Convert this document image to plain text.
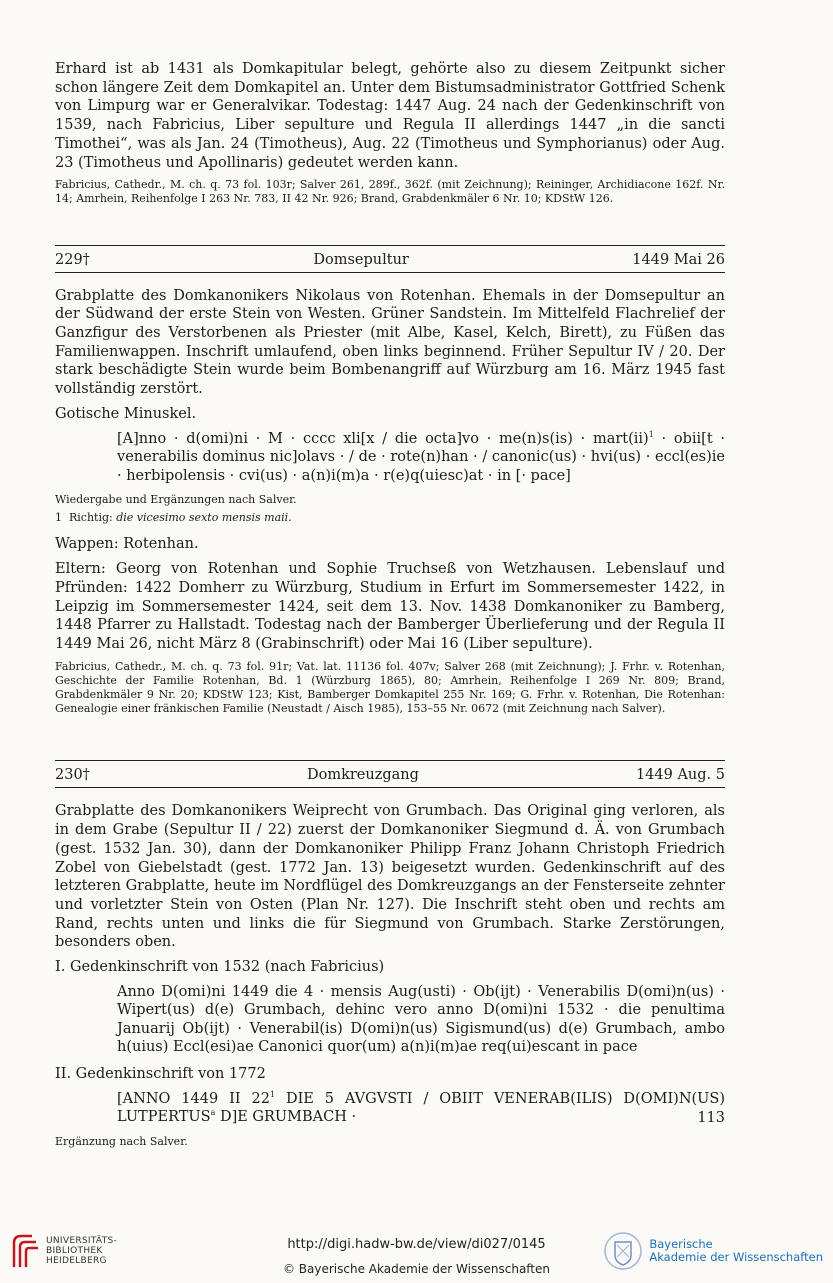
Erhard ist ab 1431 als Domkapitular belegt, gehörte also zu diesem Zeitpunkt sicher schon längere Zeit dem Domkapitel an. Unter dem Bistumsadministrator Gottfried Schenk von Limpurg war er Generalvikar. Todestag: 1447 Aug. 24 nach der Gedenkinschrift von 1539, nach Fabricius, Liber sepulture und Regula II allerdings 1447 „in die sancti Timothei“, was als Jan. 24 (Timotheus), Aug. 22 (Timotheus und Symphorianus) oder Aug. 23 (Timotheus und Apollinaris) gedeutet werden kann.

Fabricius, Cathedr., M. ch. q. 73 fol. 103r; Salver 261, 289f., 362f. (mit Zeichnung); Reininger, Archidiacone 162f. Nr. 14; Amrhein, Reihenfolge I 263 Nr. 783, II 42 Nr. 926; Brand, Grabdenkmäler 6 Nr. 10; KDStW 126.

229†	Domsepultur	1449 Mai 26

Grabplatte des Domkanonikers Nikolaus von Rotenhan. Ehemals in der Domsepultur an der Südwand der erste Stein von Westen. Grüner Sandstein. Im Mittelfeld Flachrelief der Ganzfigur des Verstorbenen als Priester (mit Albe, Kasel, Kelch, Birett), zu Füßen das Familienwappen. Inschrift umlaufend, oben links beginnend. Früher Sepultur IV / 20. Der stark beschädigte Stein wurde beim Bombenangriff auf Würzburg am 16. März 1945 fast vollständig zerstört.

Gotische Minuskel.

[A]nno · d(omi)ni · M · cccc xli[x / die octa]vo · me(n)s(is) · mart(ii)$^1$ · obii[t · venerabilis dominus nic]olavs · / de · rote(n)han · / canonic(us) · hvi(us) · eccl(es)ie · herbipolensis · cvi(us) · a(n)i(m)a · r(e)q(uiesc)at · in [· pace]

Wiedergabe und Ergänzungen nach Salver.

1 Richtig: die vicesimo sexto mensis maii.

Wappen: Rotenhan.

Eltern: Georg von Rotenhan und Sophie Truchseß von Wetzhausen. Lebenslauf und Pfründen: 1422 Domherr zu Würzburg, Studium in Erfurt im Sommersemester 1422, in Leipzig im Sommersemester 1424, seit dem 13. Nov. 1438 Domkanoniker zu Bamberg, 1448 Pfarrer zu Hallstadt. Todestag nach der Bamberger Überlieferung und der Regula II 1449 Mai 26, nicht März 8 (Grabinschrift) oder Mai 16 (Liber sepulture).

Fabricius, Cathedr., M. ch. q. 73 fol. 91r; Vat. lat. 11136 fol. 407v; Salver 268 (mit Zeichnung); J. Frhr. v. Rotenhan, Geschichte der Familie Rotenhan, Bd. 1 (Würzburg 1865), 80; Amrhein, Reihenfolge I 269 Nr. 809; Brand, Grabdenkmäler 9 Nr. 20; KDStW 123; Kist, Bamberger Domkapitel 255 Nr. 169; G. Frhr. v. Rotenhan, Die Rotenhan: Genealogie einer fränkischen Familie (Neustadt / Aisch 1985), 153–55 Nr. 0672 (mit Zeichnung nach Salver).

230†	Domkreuzgang	1449 Aug. 5

Grabplatte des Domkanonikers Weiprecht von Grumbach. Das Original ging verloren, als in dem Grabe (Sepultur II / 22) zuerst der Domkanoniker Siegmund d. Ä. von Grumbach (gest. 1532 Jan. 30), dann der Domkanoniker Philipp Franz Johann Christoph Friedrich Zobel von Giebelstadt (gest. 1772 Jan. 13) beigesetzt wurden. Gedenkinschrift auf des letzteren Grabplatte, heute im Nordflügel des Domkreuzgangs an der Fensterseite zehnter und vorletzter Stein von Osten (Plan Nr. 127). Die Inschrift steht oben und rechts am Rand, rechts unten und links die für Siegmund von Grumbach. Starke Zerstörungen, besonders oben.

I. Gedenkinschrift von 1532 (nach Fabricius)

Anno D(omi)ni 1449 die 4 · mensis Aug(usti) · Ob(ijt) · Venerabilis D(omi)n(us) · Wipert(us) d(e) Grumbach, dehinc vero anno D(omi)ni 1532 · die penultima Januarij Ob(ijt) · Venerabil(is) D(omi)n(us) Sigismund(us) d(e) Grumbach, ambo h(uius) Eccl(esi)ae Canonici quor(um) a(n)i(m)ae req(ui)escant in pace

II. Gedenkinschrift von 1772

[ANNO 1449 II $22^1$ DIE 5 AVGVSTI / OBIIT VENERAB(ILIS) D(OMI)N(US) LUTPERTUS$^a$ D]E GRUMBACH ·

Ergänzung nach Salver.

113
UNIVERSITÄTS-
BIBLIOTHEK
HEIDELBERG
http://digi.hadw-bw.de/view/di027/0145
© Bayerische Akademie der Wissenschaften
Bayerische
Akademie der Wissenschaften
